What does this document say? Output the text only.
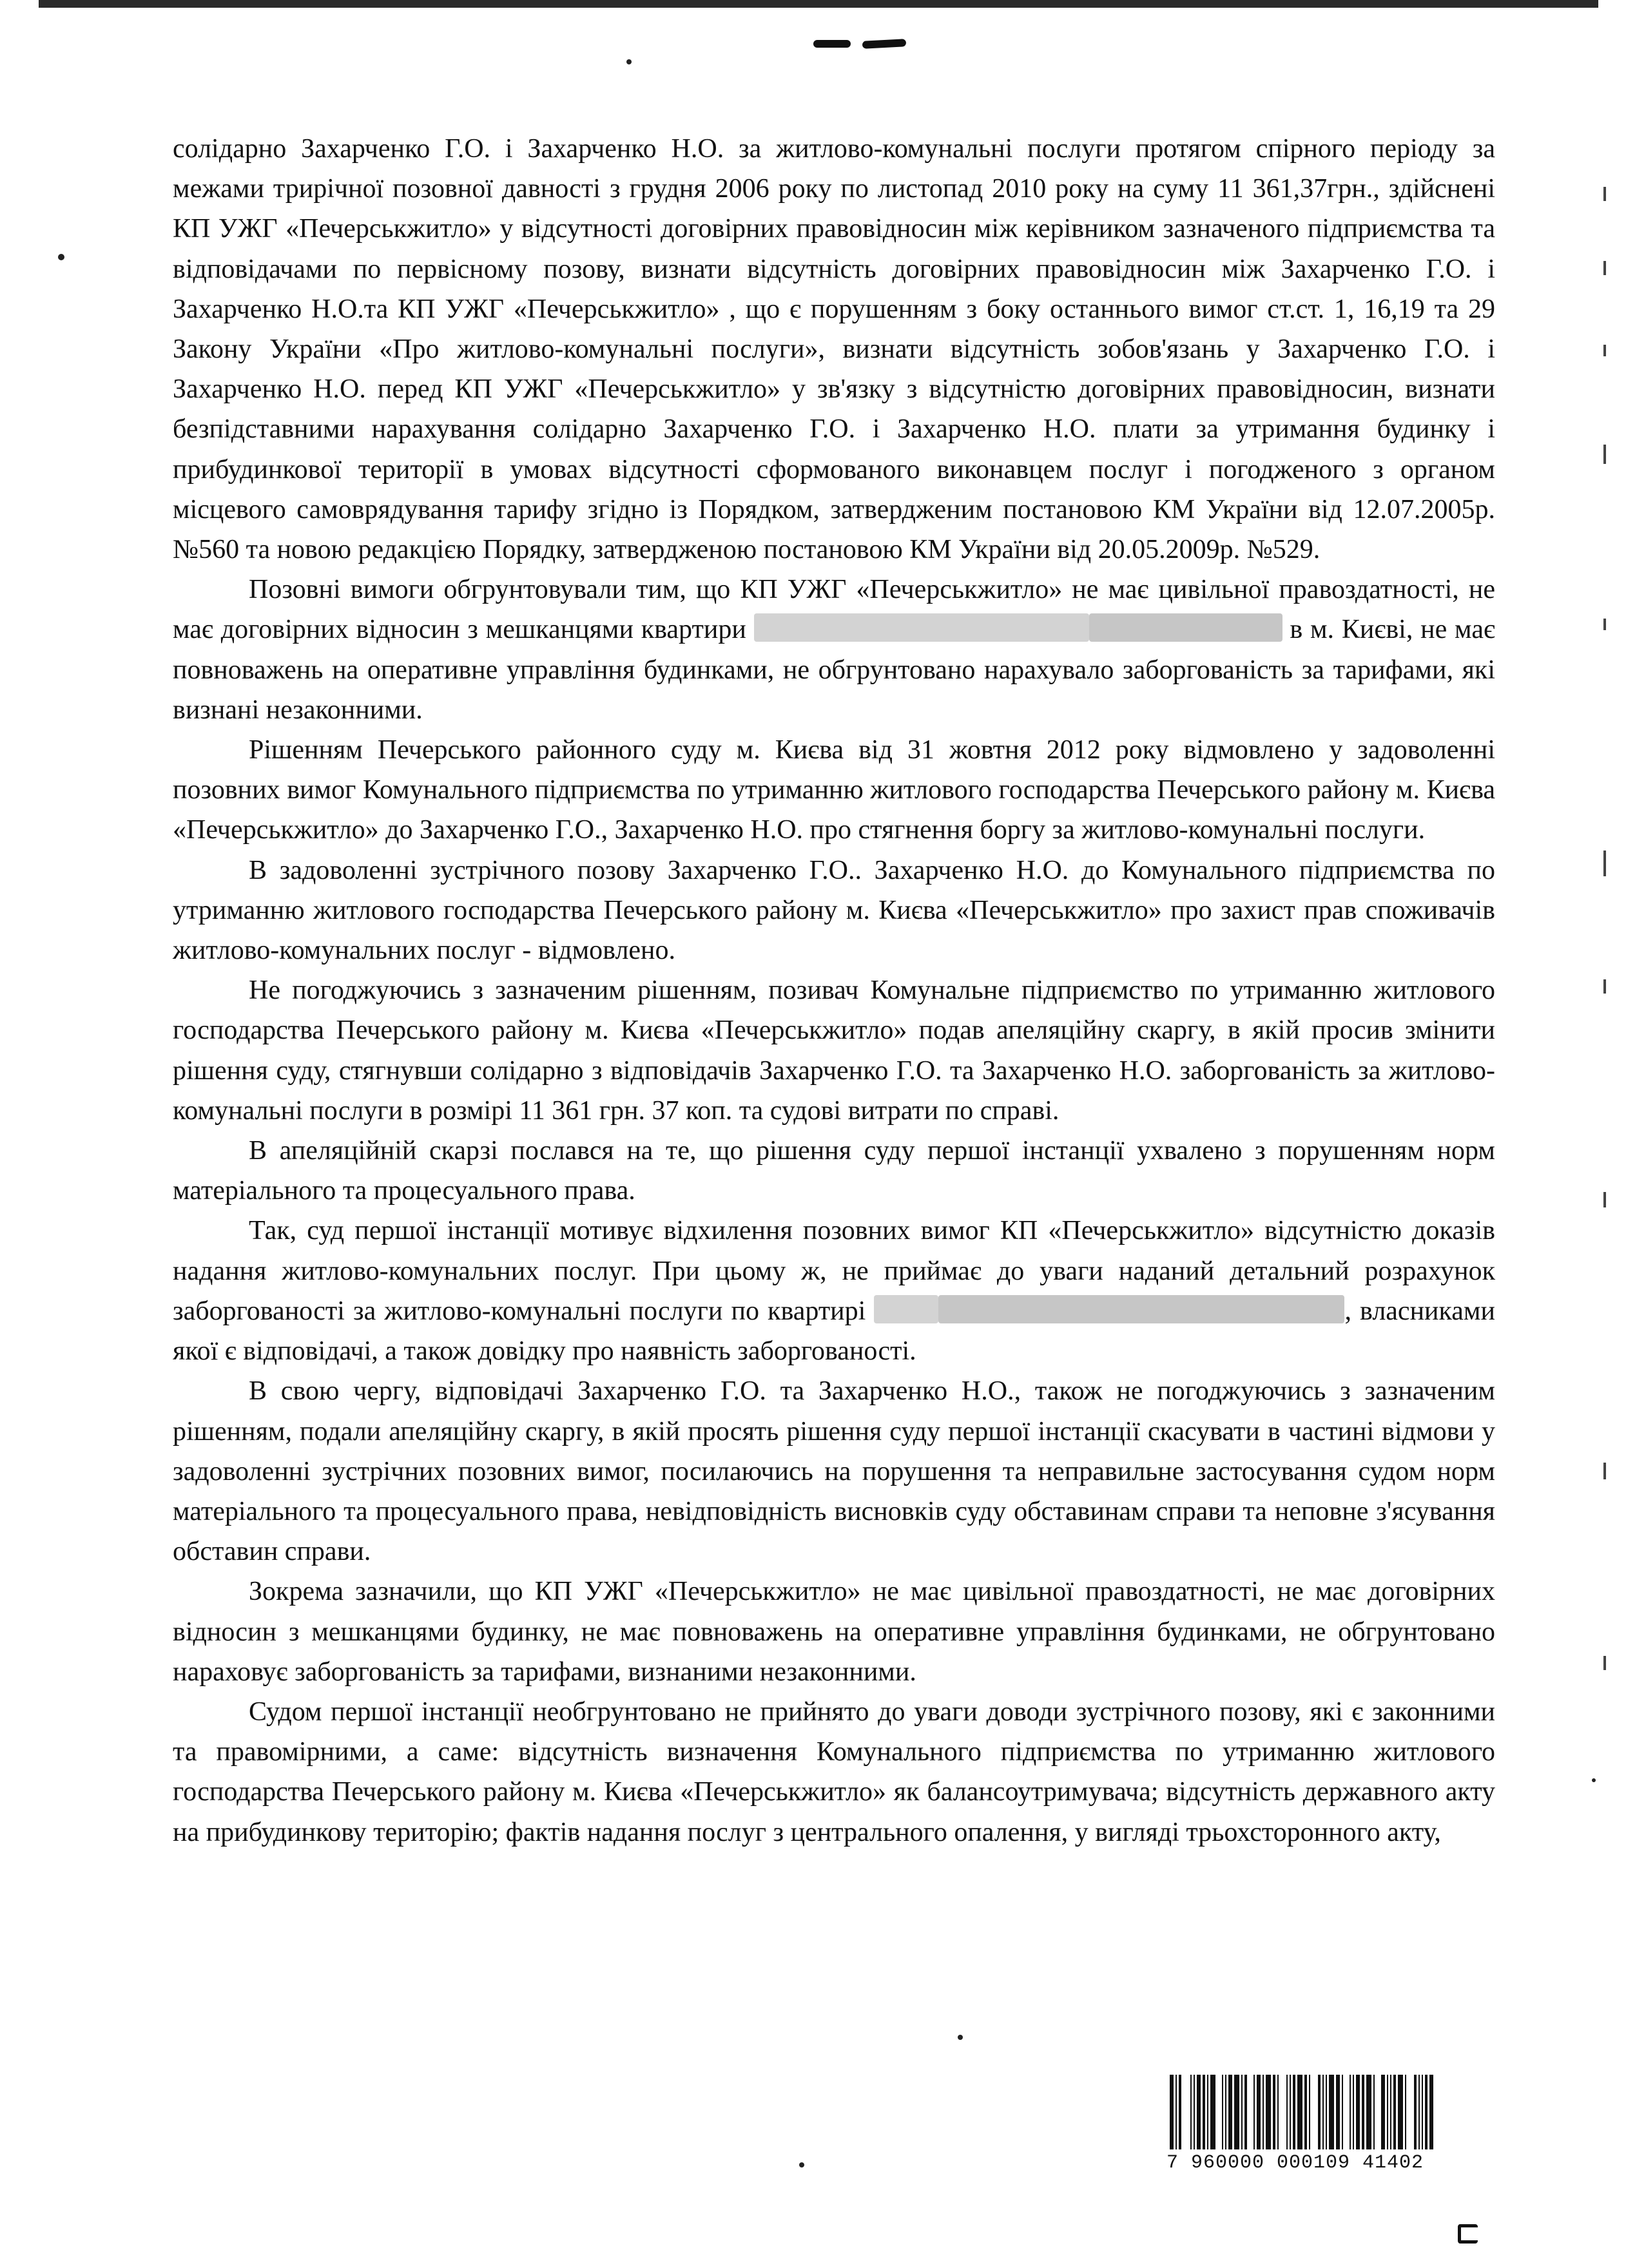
солідарно Захарченко Г.О. і Захарченко Н.О. за житлово-комунальні послуги протягом спірного періоду за межами трирічної позовної давності з грудня 2006 року по листопад 2010 року на суму 11 361,37грн., здійснені КП УЖГ «Печерськжитло» у відсутності договірних правовідносин між керівником зазначеного підприємства та відповідачами по первісному позову, визнати відсутність договірних правовідносин між Захарченко Г.О. і Захарченко Н.О.та КП УЖГ «Печерськжитло» , що є порушенням з боку останнього вимог ст.ст. 1, 16,19 та 29 Закону України «Про житлово-комунальні послуги», визнати відсутність зобов'язань у Захарченко Г.О. і Захарченко Н.О. перед КП УЖГ «Печерськжитло» у зв'язку з відсутністю договірних правовідносин, визнати безпідставними нарахування солідарно Захарченко Г.О. і Захарченко Н.О. плати за утримання будинку і прибудинкової території в умовах відсутності сформованого виконавцем послуг і погодженого з органом місцевого самоврядування тарифу згідно із Порядком, затвердженим постановою КМ України від 12.07.2005р. №560 та новою редакцією Порядку, затвердженою постановою КМ України від 20.05.2009р. №529.

Позовні вимоги обгрунтовували тим, що КП УЖГ «Печерськжитло» не має цивільної правоздатності, не має договірних відносин з мешканцями квартири	в м. Києві, не має повноважень на оперативне управління будинками, не обгрунтовано нарахувало заборгованість за тарифами, які визнані незаконними.

Рішенням Печерського районного суду м. Києва від 31 жовтня 2012 року відмовлено у задоволенні позовних вимог Комунального підприємства по утриманню житлового господарства Печерського району м. Києва «Печерськжитло» до Захарченко Г.О., Захарченко Н.О. про стягнення боргу за житлово-комунальні послуги.

В задоволенні зустрічного позову Захарченко Г.О.. Захарченко Н.О. до Комунального підприємства по утриманню житлового господарства Печерського району м. Києва «Печерськжитло» про захист прав споживачів житлово-комунальних послуг - відмовлено.

Не погоджуючись з зазначеним рішенням, позивач Комунальне підприємство по утриманню житлового господарства Печерського району м. Києва «Печерськжитло» подав апеляційну скаргу, в якій просив змінити рішення суду, стягнувши солідарно з відповідачів Захарченко Г.О. та Захарченко Н.О. заборгованість за житлово-комунальні послуги в розмірі 11 361 грн. 37 коп. та судові витрати по справі.

В апеляційній скарзі послався на те, що рішення суду першої інстанції ухвалено з порушенням норм матеріального та процесуального права.

Так, суд першої інстанції мотивує відхилення позовних вимог КП «Печерськжитло» відсутністю доказів надання житлово-комунальних послуг. При цьому ж, не приймає до уваги наданий детальний розрахунок заборгованості за житлово-комунальні послуги по квартирі	, власниками якої є відповідачі, а також довідку про наявність заборгованості.

В свою чергу, відповідачі Захарченко Г.О. та Захарченко Н.О., також не погоджуючись з зазначеним рішенням, подали апеляційну скаргу, в якій просять рішення суду першої інстанції скасувати в частині відмови у задоволенні зустрічних позовних вимог, посилаючись на порушення та неправильне застосування судом норм матеріального та процесуального права, невідповідність висновків суду обставинам справи та неповне з'ясування обставин справи.

Зокрема зазначили, що КП УЖГ «Печерськжитло» не має цивільної правоздатності, не має договірних відносин з мешканцями будинку, не має повноважень на оперативне управління будинками, не обгрунтовано нараховує заборгованість за тарифами, визнаними незаконними.

Судом першої інстанції необгрунтовано не прийнято до уваги доводи зустрічного позову, які є законними та правомірними, а саме: відсутність визначення Комунального підприємства по утриманню житлового господарства Печерського району м. Києва «Печерськжитло» як балансоутримувача; відсутність державного акту на прибудинкову територію; фактів надання послуг з центрального опалення, у вигляді трьохсторонного акту,

7 960000 000109 41402
